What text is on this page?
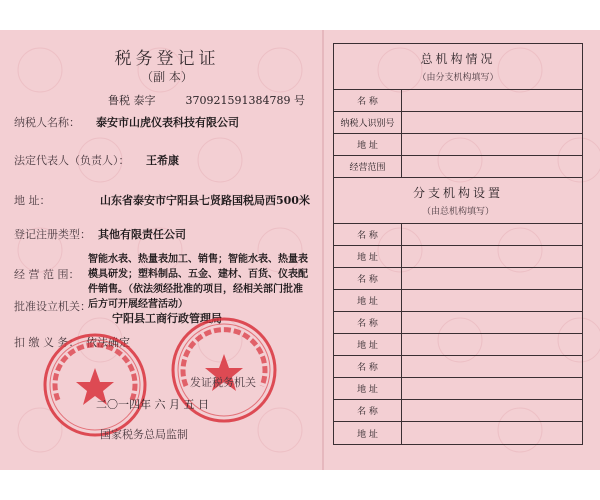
税务登记证
（副 本）
鲁税 泰字	370921591384789 号
纳税人名称： 泰安市山虎仪表科技有限公司
法定代表人（负责人）： 王希康
地 址：	山东省泰安市宁阳县七贤路国税局西500米
登记注册类型： 其他有限责任公司
经 营 范 围：
智能水表、热量表加工、销售；智能水表、热量表模具研发；塑料制品、五金、建材、百货、仪表配件销售。（依法须经批准的项目，经相关部门批准后方可开展经营活动）
批准设立机关：
宁阳县工商行政管理局
扣 缴 义 务： 依法确定
发证税务机关
二〇一四年 六 月 五 日
国家税务总局监制
总机构情况
（由分支机构填写）
名 称
纳税人识别号
地 址
经营范围
分支机构设置
（由总机构填写）
名 称
地 址
名 称
地 址
名 称
地 址
名 称
地 址
名 称
地 址
